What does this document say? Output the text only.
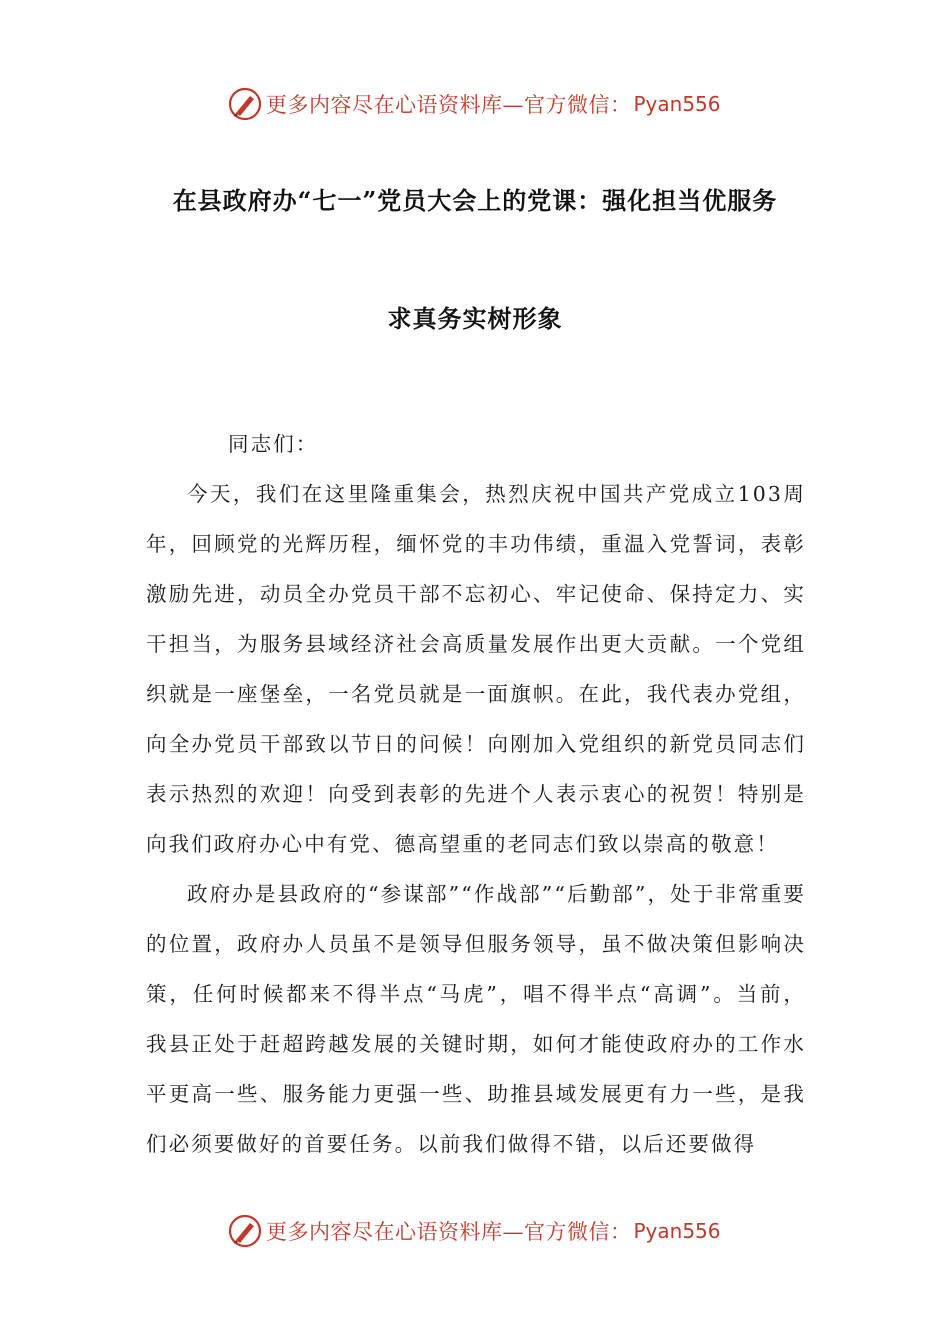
更多内容尽在心语资料库—官方微信： Pyan556
在县政府办“七一”党员大会上的党课：强化担当优服务
求真务实树形象

同志们：

今天，我们在这里隆重集会，热烈庆祝中国共产党成立103周年，回顾党的光辉历程，缅怀党的丰功伟绩，重温入党誓词，表彰激励先进，动员全办党员干部不忘初心、牢记使命、保持定力、实干担当，为服务县域经济社会高质量发展作出更大贡献。一个党组织就是一座堡垒，一名党员就是一面旗帜。在此，我代表办党组，向全办党员干部致以节日的问候！向刚加入党组织的新党员同志们表示热烈的欢迎！向受到表彰的先进个人表示衷心的祝贺！特别是向我们政府办心中有党、德高望重的老同志们致以崇高的敬意！

政府办是县政府的“参谋部”“作战部”“后勤部”，处于非常重要的位置，政府办人员虽不是领导但服务领导，虽不做决策但影响决策，任何时候都来不得半点“马虎”，唱不得半点“高调”。当前，我县正处于赶超跨越发展的关键时期，如何才能使政府办的工作水平更高一些、服务能力更强一些、助推县域发展更有力一些，是我们必须要做好的首要任务。以前我们做得不错，以后还要做得

更多内容尽在心语资料库—官方微信： Pyan556
